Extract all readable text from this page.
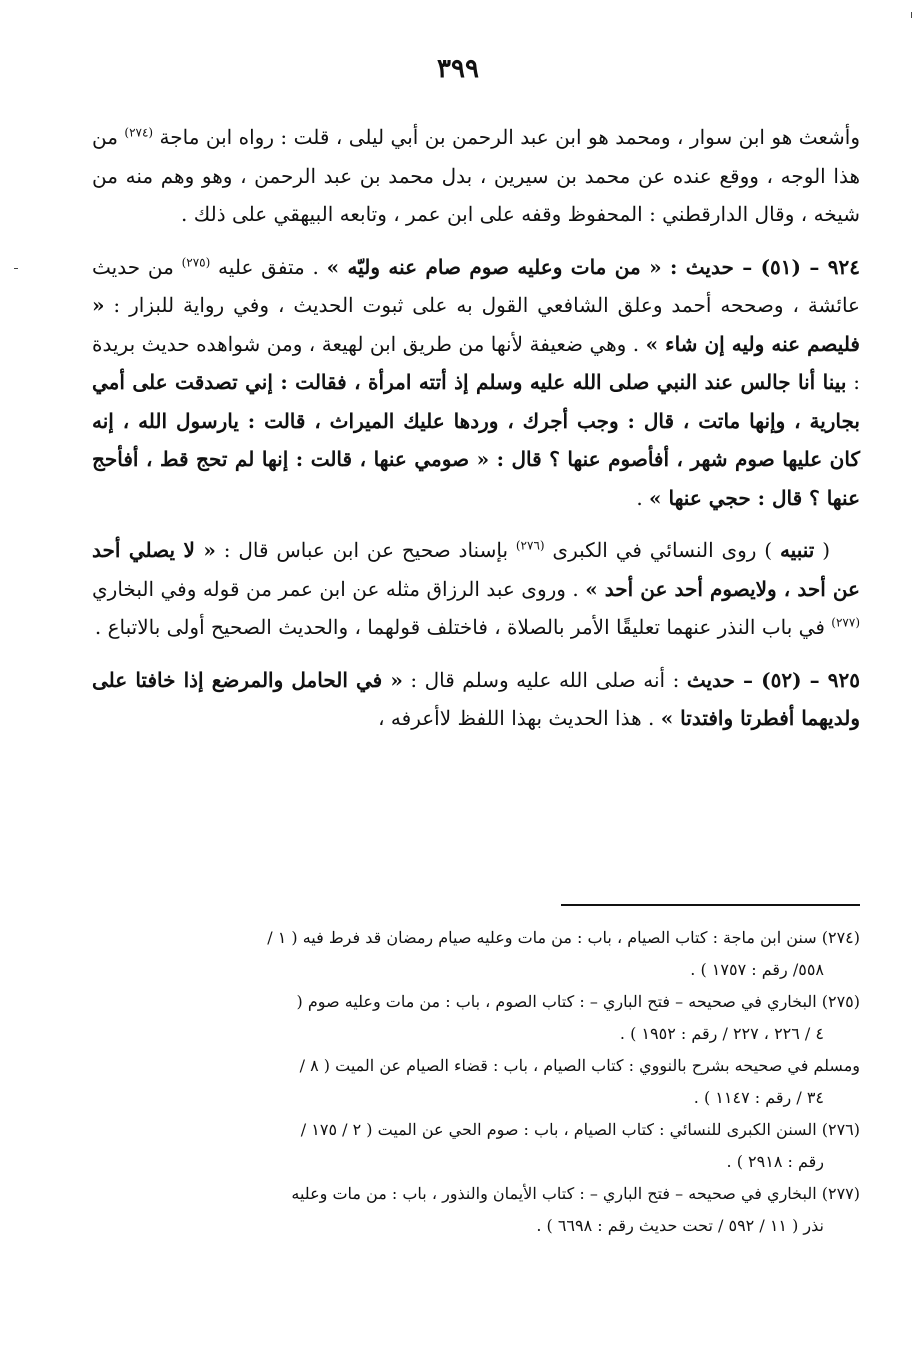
٣٩٩

وأشعث هو ابن سوار ، ومحمد هو ابن عبد الرحمن بن أبي ليلى ، قلت : رواه ابن ماجة $^{(٢٧٤)}$ من هذا الوجه ، ووقع عنده عن محمد بن سيرين ، بدل محمد بن عبد الرحمن ، وهو وهم منه من شيخه ، وقال الدارقطني : المحفوظ وقفه على ابن عمر ، وتابعه البيهقي على ذلك .

٩٢٤ – (٥١) – حديث : « من مات وعليه صوم صام عنه وليّه » . متفق عليه $^{(٢٧٥)}$ من حديث عائشة ، وصححه أحمد وعلق الشافعي القول به على ثبوت الحديث ، وفي رواية للبزار : « فليصم عنه وليه إن شاء » . وهي ضعيفة لأنها من طريق ابن لهيعة ، ومن شواهده حديث بريدة : بينا أنا جالس عند النبي صلى الله عليه وسلم إذ أتته امرأة ، فقالت : إني تصدقت على أمي بجارية ، وإنها ماتت ، قال : وجب أجرك ، وردها عليك الميراث ، قالت : يارسول الله ، إنه كان عليها صوم شهر ، أفأصوم عنها ؟ قال : « صومي عنها ، قالت : إنها لم تحج قط ، أفأحج عنها ؟ قال : حجي عنها » .

( تنبيه ) روى النسائي في الكبرى $^{(٢٧٦)}$ بإسناد صحيح عن ابن عباس قال : « لا يصلي أحد عن أحد ، ولايصوم أحد عن أحد » . وروى عبد الرزاق مثله عن ابن عمر من قوله وفي البخاري $^{(٢٧٧)}$ في باب النذر عنهما تعليقًا الأمر بالصلاة ، فاختلف قولهما ، والحديث الصحيح أولى بالاتباع .

٩٢٥ – (٥٢) – حديث : أنه صلى الله عليه وسلم قال : « في الحامل والمرضع إذا خافتا على ولديهما أفطرتا وافتدتا » . هذا الحديث بهذا اللفظ لاأعرفه ،

(٢٧٤) سنن ابن ماجة : كتاب الصيام ، باب : من مات وعليه صيام رمضان قد فرط فيه ( ١ /

٥٥٨/ رقم : ١٧٥٧ ) .

(٢٧٥) البخاري في صحيحه – فتح الباري – : كتاب الصوم ، باب : من مات وعليه صوم (

٤ / ٢٢٦ ، ٢٢٧ / رقم : ١٩٥٢ ) .

ومسلم في صحيحه بشرح بالنووي : كتاب الصيام ، باب : قضاء الصيام عن الميت ( ٨ /

٣٤ / رقم : ١١٤٧ ) .

(٢٧٦) السنن الكبرى للنسائي : كتاب الصيام ، باب : صوم الحي عن الميت ( ٢ / ١٧٥ /

رقم : ٢٩١٨ ) .

(٢٧٧) البخاري في صحيحه – فتح الباري – : كتاب الأيمان والنذور ، باب : من مات وعليه

نذر ( ١١ / ٥٩٢ / تحت حديث رقم : ٦٦٩٨ ) .
